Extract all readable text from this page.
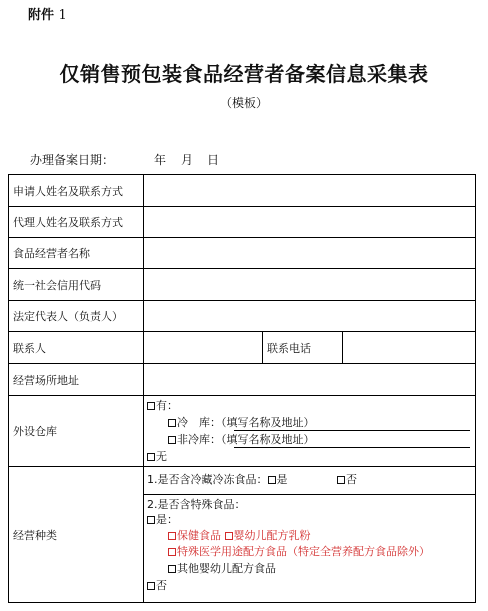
附件 1
仅销售预包装食品经营者备案信息采集表
（模板）
办理备案日期：	年 月 日
申请人姓名及联系方式
代理人姓名及联系方式
食品经营者名称
统一社会信用代码
法定代表人（负责人）
联系人	联系电话
经营场所地址
外设仓库
有：
冷　库：（填写名称及地址）
非冷库：（填写名称及地址）
无
经营种类
1.是否含冷藏冷冻食品： 是	否
2.是否含特殊食品：
是：
保健食品 婴幼儿配方乳粉
特殊医学用途配方食品（特定全营养配方食品除外）
其他婴幼儿配方食品
否
